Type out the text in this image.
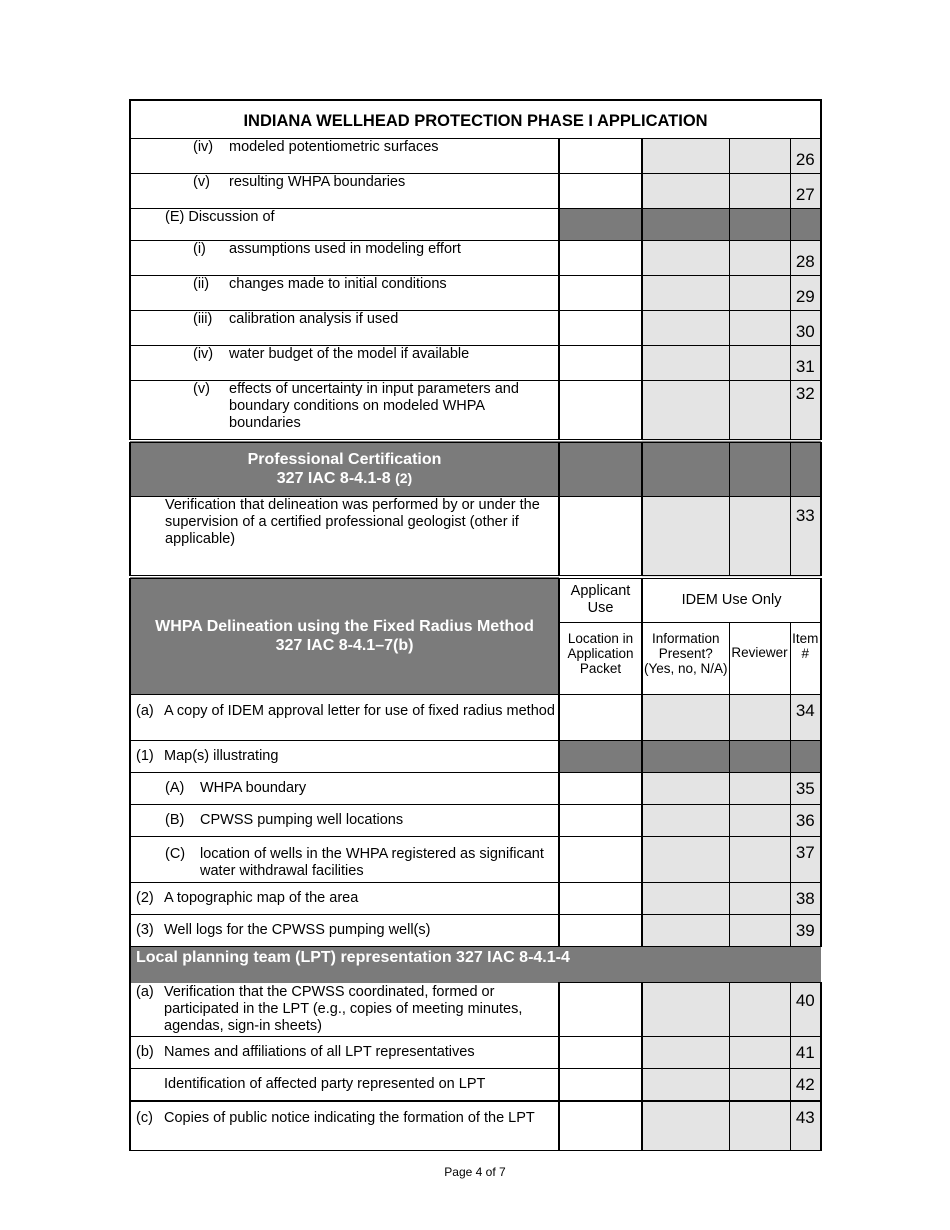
INDIANA WELLHEAD PROTECTION PHASE I APPLICATION				
(iv) modeled potentiometric surfaces				26
(v) resulting WHPA boundaries				27
(E) Discussion of				
(i) assumptions used in modeling effort				28
(ii) changes made to initial conditions				29
(iii) calibration analysis if used				30
(iv) water budget of the model if available				31

(v) effects of uncertainty in input parameters and boundary conditions on modeled WHPA boundaries				32

Professional Certification
327 IAC 8-4.1-8 (2)				

Verification that delineation was performed by or under the supervision of a certified professional geologist (other if applicable)				33

WHPA Delineation using the Fixed Radius Method
327 IAC 8-4.1–7(b)	Applicant Use	IDEM Use Only		
	Location in Application Packet	Information Present? (Yes, no, N/A)	Reviewer	Item #

(a) A copy of IDEM approval letter for use of fixed radius method				34
(1) Map(s) illustrating				
(A) WHPA boundary				35
(B) CPWSS pumping well locations				36

(C) location of wells in the WHPA registered as significant water withdrawal facilities				37
(2) A topographic map of the area				38
(3) Well logs for the CPWSS pumping well(s)				39
Local planning team (LPT) representation 327 IAC 8-4.1-4				

(a) Verification that the CPWSS coordinated, formed or participated in the LPT (e.g., copies of meeting minutes, agendas, sign-in sheets)				40
(b) Names and affiliations of all LPT representatives				41
Identification of affected party represented on LPT				42
(c) Copies of public notice indicating the formation of the LPT				43
Page 4 of 7
